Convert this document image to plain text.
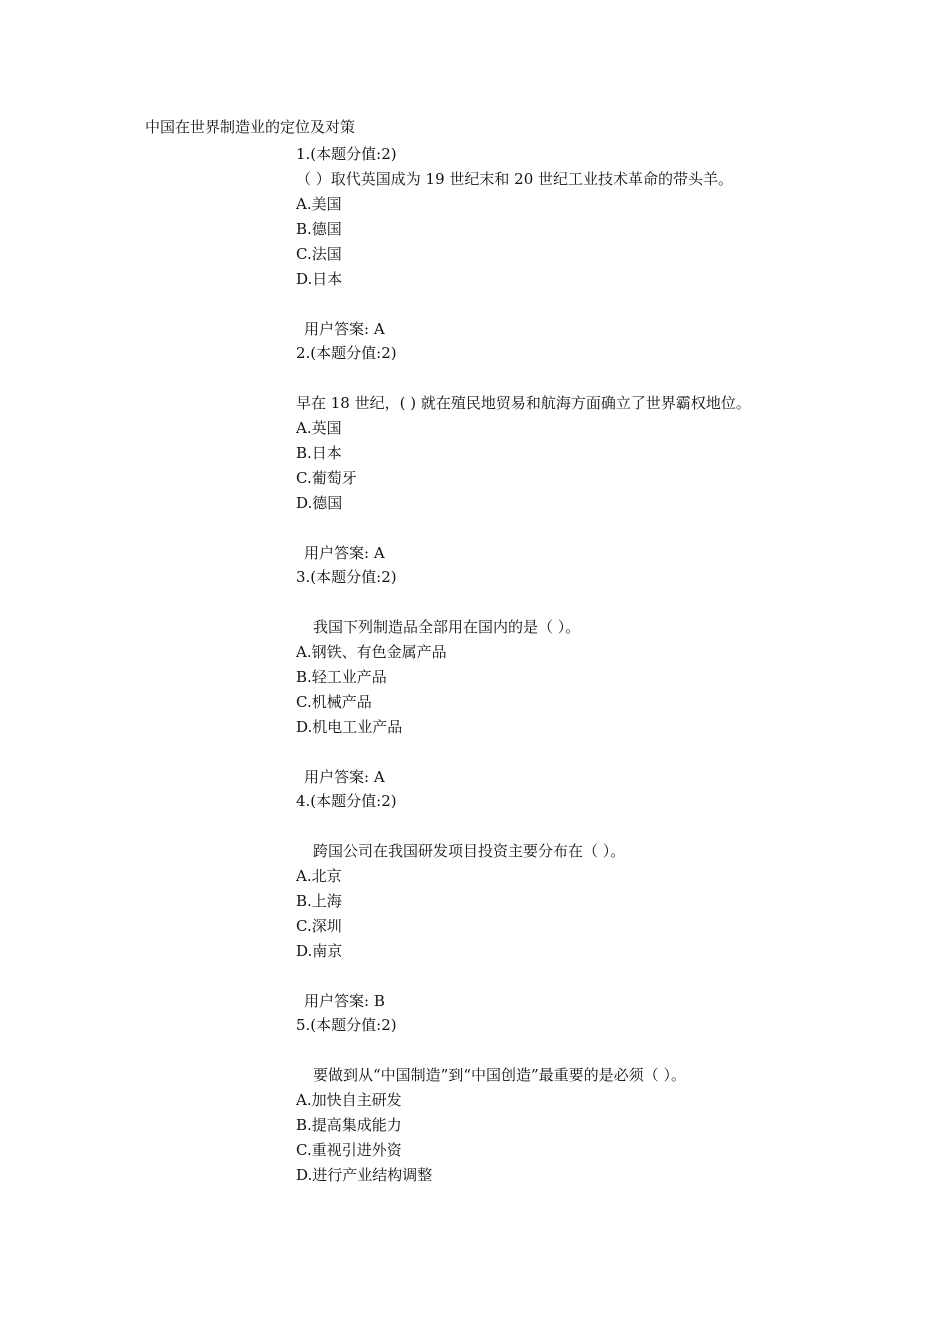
中国在世界制造业的定位及对策
1.(本题分值:2)
（ ）取代英国成为 19 世纪末和 20 世纪工业技术革命的带头羊。
A.美国
B.德国
C.法国
D.日本
用户答案: A
2.(本题分值:2)
早在 18 世纪，( ) 就在殖民地贸易和航海方面确立了世界霸权地位。
A.英国
B.日本
C.葡萄牙
D.德国
用户答案: A
3.(本题分值:2)
我国下列制造品全部用在国内的是（ ）。
A.钢铁、有色金属产品
B.轻工业产品
C.机械产品
D.机电工业产品
用户答案: A
4.(本题分值:2)
跨国公司在我国研发项目投资主要分布在（ ）。
A.北京
B.上海
C.深圳
D.南京
用户答案: B
5.(本题分值:2)
要做到从“中国制造”到“中国创造”最重要的是必须（ ）。
A.加快自主研发
B.提高集成能力
C.重视引进外资
D.进行产业结构调整
